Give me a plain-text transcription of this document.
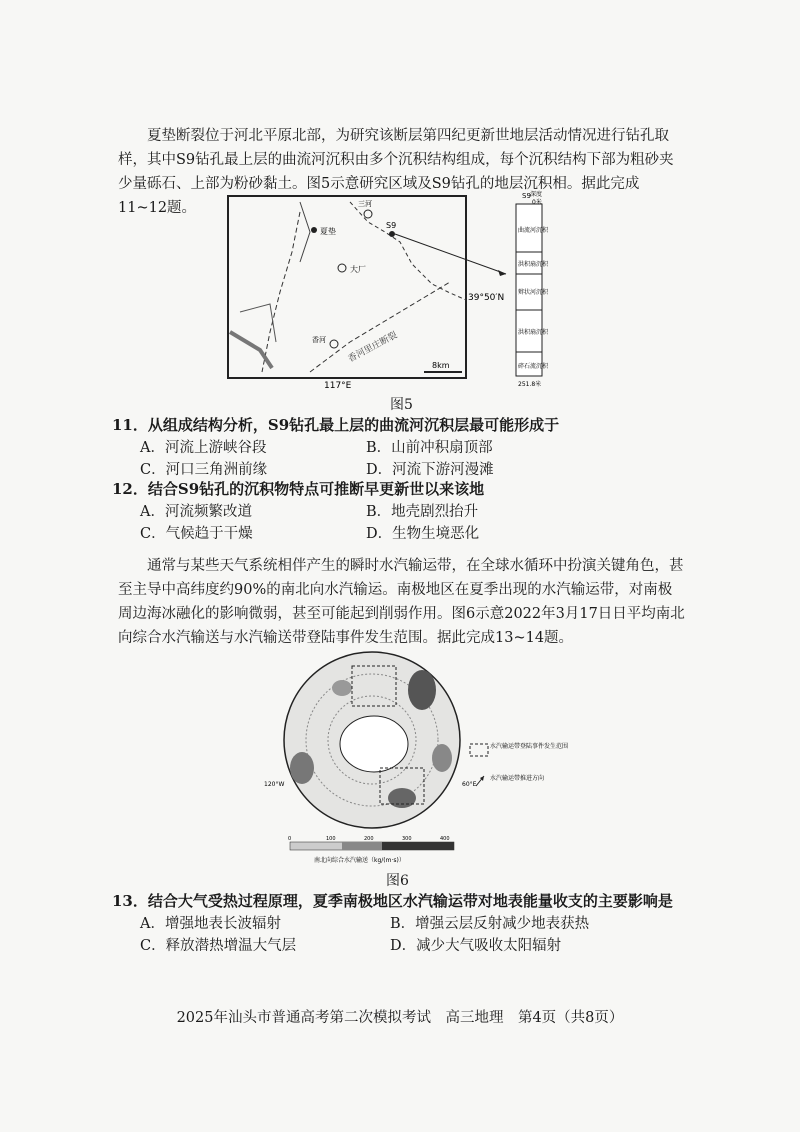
夏垫断裂位于河北平原北部，为研究该断层第四纪更新世地层活动情况进行钻孔取样，其中S9钻孔最上层的曲流河沉积由多个沉积结构组成，每个沉积结构下部为粗砂夹少量砾石、上部为粉砂黏土。图5示意研究区域及S9钻孔的地层沉积相。据此完成11~12题。

夏垫
大厂
三河
S9
香河 香河里庄断裂
39°50′N
117°E
8km
深度
0米
S9
曲流河沉积
洪积扇沉积
辫状河沉积
洪积扇沉积
碎石流沉积
251.8米
图5

11．从组成结构分析，S9钻孔最上层的曲流河沉积层最可能形成于

A．河流上游峡谷段	B．山前冲积扇顶部
C．河口三角洲前缘	D．河流下游河漫滩

12．结合S9钻孔的沉积物特点可推断早更新世以来该地

A．河流频繁改道	B．地壳剧烈抬升
C．气候趋于干燥	D．生物生境恶化

通常与某些天气系统相伴产生的瞬时水汽输运带，在全球水循环中扮演关键角色，甚至主导中高纬度约90%的南北向水汽输运。南极地区在夏季出现的水汽输运带，对南极周边海冰融化的影响微弱，甚至可能起到削弱作用。图6示意2022年3月17日日平均南北向综合水汽输送与水汽输送带登陆事件发生范围。据此完成13~14题。

120°W	60°E
0	100	200	300	400
南北向综合水汽输送（kg/(m·s)）
水汽输运带登陆事件发生范围
水汽输运带推进方向
图6

13．结合大气受热过程原理，夏季南极地区水汽输运带对地表能量收支的主要影响是

A．增强地表长波辐射	B．增强云层反射减少地表获热
C．释放潜热增温大气层	D．减少大气吸收太阳辐射
2025年汕头市普通高考第二次模拟考试　高三地理　第4页（共8页）
